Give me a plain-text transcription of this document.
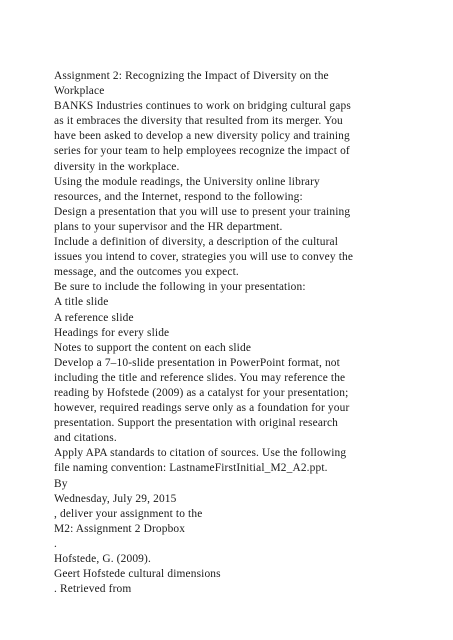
Assignment 2: Recognizing the Impact of Diversity on the

Workplace

BANKS Industries continues to work on bridging cultural gaps

as it embraces the diversity that resulted from its merger. You

have been asked to develop a new diversity policy and training

series for your team to help employees recognize the impact of

diversity in the workplace.

Using the module readings, the University online library

resources, and the Internet, respond to the following:

Design a presentation that you will use to present your training

plans to your supervisor and the HR department.

Include a definition of diversity, a description of the cultural

issues you intend to cover, strategies you will use to convey the

message, and the outcomes you expect.

Be sure to include the following in your presentation:

A title slide

A reference slide

Headings for every slide

Notes to support the content on each slide

Develop a 7–10-slide presentation in PowerPoint format, not

including the title and reference slides. You may reference the

reading by Hofstede (2009) as a catalyst for your presentation;

however, required readings serve only as a foundation for your

presentation. Support the presentation with original research

and citations.

Apply APA standards to citation of sources. Use the following

file naming convention: LastnameFirstInitial_M2_A2.ppt.

By

Wednesday, July 29, 2015

, deliver your assignment to the

M2: Assignment 2 Dropbox

.

Hofstede, G. (2009).

Geert Hofstede cultural dimensions

. Retrieved from
